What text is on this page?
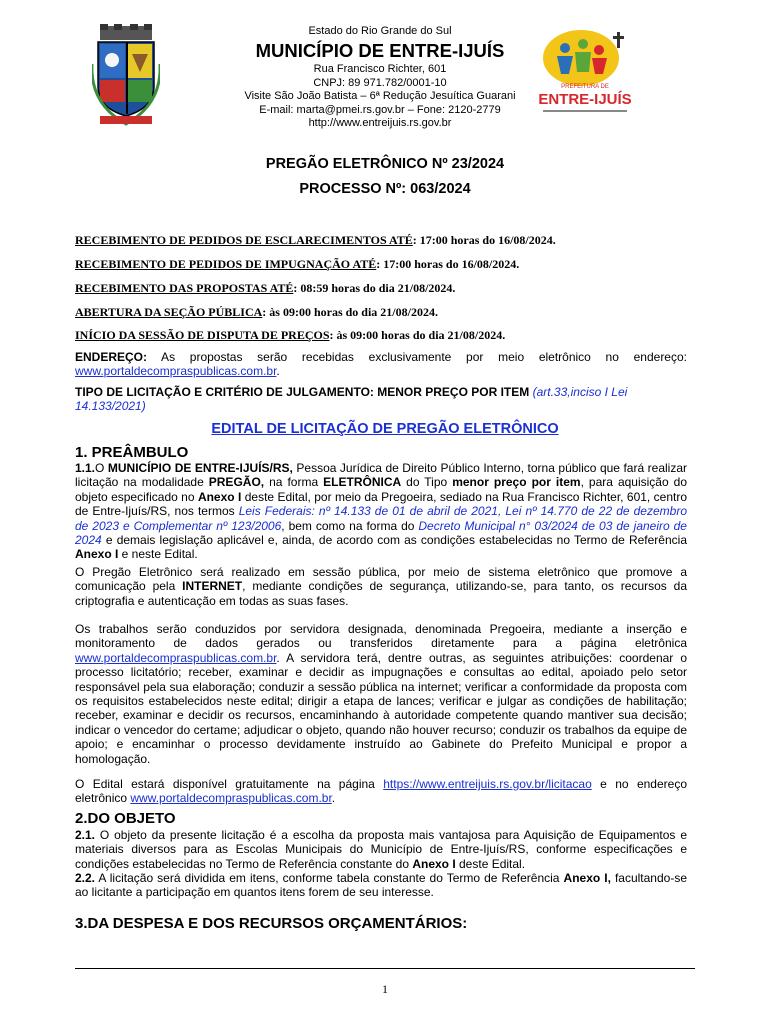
Estado do Rio Grande do Sul
MUNICÍPIO DE ENTRE-IJUÍS
Rua Francisco Richter, 601
CNPJ: 89 971.782/0001-10
Visite São João Batista – 6ª Redução Jesuítica Guarani
E-mail: marta@pmei.rs.gov.br – Fone: 2120-2779
http://www.entreijuis.rs.gov.br
PREFEITURA DE
ENTRE-IJUÍS
PREGÃO ELETRÔNICO Nº 23/2024
PROCESSO Nº: 063/2024
RECEBIMENTO DE PEDIDOS DE ESCLARECIMENTOS ATÉ: 17:00 horas do 16/08/2024.
RECEBIMENTO DE PEDIDOS DE IMPUGNAÇÃO ATÉ: 17:00 horas do 16/08/2024.
RECEBIMENTO DAS PROPOSTAS ATÉ: 08:59 horas do dia 21/08/2024.
ABERTURA DA SEÇÃO PÚBLICA: às 09:00 horas do dia 21/08/2024.
INÍCIO DA SESSÃO DE DISPUTA DE PREÇOS: às 09:00 horas do dia 21/08/2024.
ENDEREÇO: As propostas serão recebidas exclusivamente por meio eletrônico no endereço: www.portaldecompraspublicas.com.br.
TIPO DE LICITAÇÃO E CRITÉRIO DE JULGAMENTO: MENOR PREÇO POR ITEM (art.33,inciso I Lei 14.133/2021)
EDITAL DE LICITAÇÃO DE PREGÃO ELETRÔNICO
1. PREÂMBULO
1.1.O MUNICÍPIO DE ENTRE-IJUÍS/RS, Pessoa Jurídica de Direito Público Interno, torna público que fará realizar licitação na modalidade PREGÃO, na forma ELETRÔNICA do Tipo menor preço por item, para aquisição do objeto especificado no Anexo I deste Edital, por meio da Pregoeira, sediado na Rua Francisco Richter, 601, centro de Entre-Ijuís/RS, nos termos Leis Federais: nº 14.133 de 01 de abril de 2021, Lei nº 14.770 de 22 de dezembro de 2023 e Complementar nº 123/2006, bem como na forma do Decreto Municipal n° 03/2024 de 03 de janeiro de 2024 e demais legislação aplicável e, ainda, de acordo com as condições estabelecidas no Termo de Referência Anexo I e neste Edital.
O Pregão Eletrônico será realizado em sessão pública, por meio de sistema eletrônico que promove a comunicação pela INTERNET, mediante condições de segurança, utilizando-se, para tanto, os recursos da criptografia e autenticação em todas as suas fases.
Os trabalhos serão conduzidos por servidora designada, denominada Pregoeira, mediante a inserção e monitoramento de dados gerados ou transferidos diretamente para a página eletrônica www.portaldecompraspublicas.com.br. A servidora terá, dentre outras, as seguintes atribuições: coordenar o processo licitatório; receber, examinar e decidir as impugnações e consultas ao edital, apoiado pelo setor responsável pela sua elaboração; conduzir a sessão pública na internet; verificar a conformidade da proposta com os requisitos estabelecidos neste edital; dirigir a etapa de lances; verificar e julgar as condições de habilitação; receber, examinar e decidir os recursos, encaminhando à autoridade competente quando mantiver sua decisão; indicar o vencedor do certame; adjudicar o objeto, quando não houver recurso; conduzir os trabalhos da equipe de apoio; e encaminhar o processo devidamente instruído ao Gabinete do Prefeito Municipal e propor a homologação.
O Edital estará disponível gratuitamente na página https://www.entreijuis.rs.gov.br/licitacao e no endereço eletrônico www.portaldecompraspublicas.com.br.
2.DO OBJETO
2.1. O objeto da presente licitação é a escolha da proposta mais vantajosa para Aquisição de Equipamentos e materiais diversos para as Escolas Municipais do Município de Entre-Ijuís/RS, conforme especificações e condições estabelecidas no Termo de Referência constante do Anexo I deste Edital.
2.2. A licitação será dividida em itens, conforme tabela constante do Termo de Referência Anexo I, facultando-se ao licitante a participação em quantos itens forem de seu interesse.
3.DA DESPESA E DOS RECURSOS ORÇAMENTÁRIOS:
1
